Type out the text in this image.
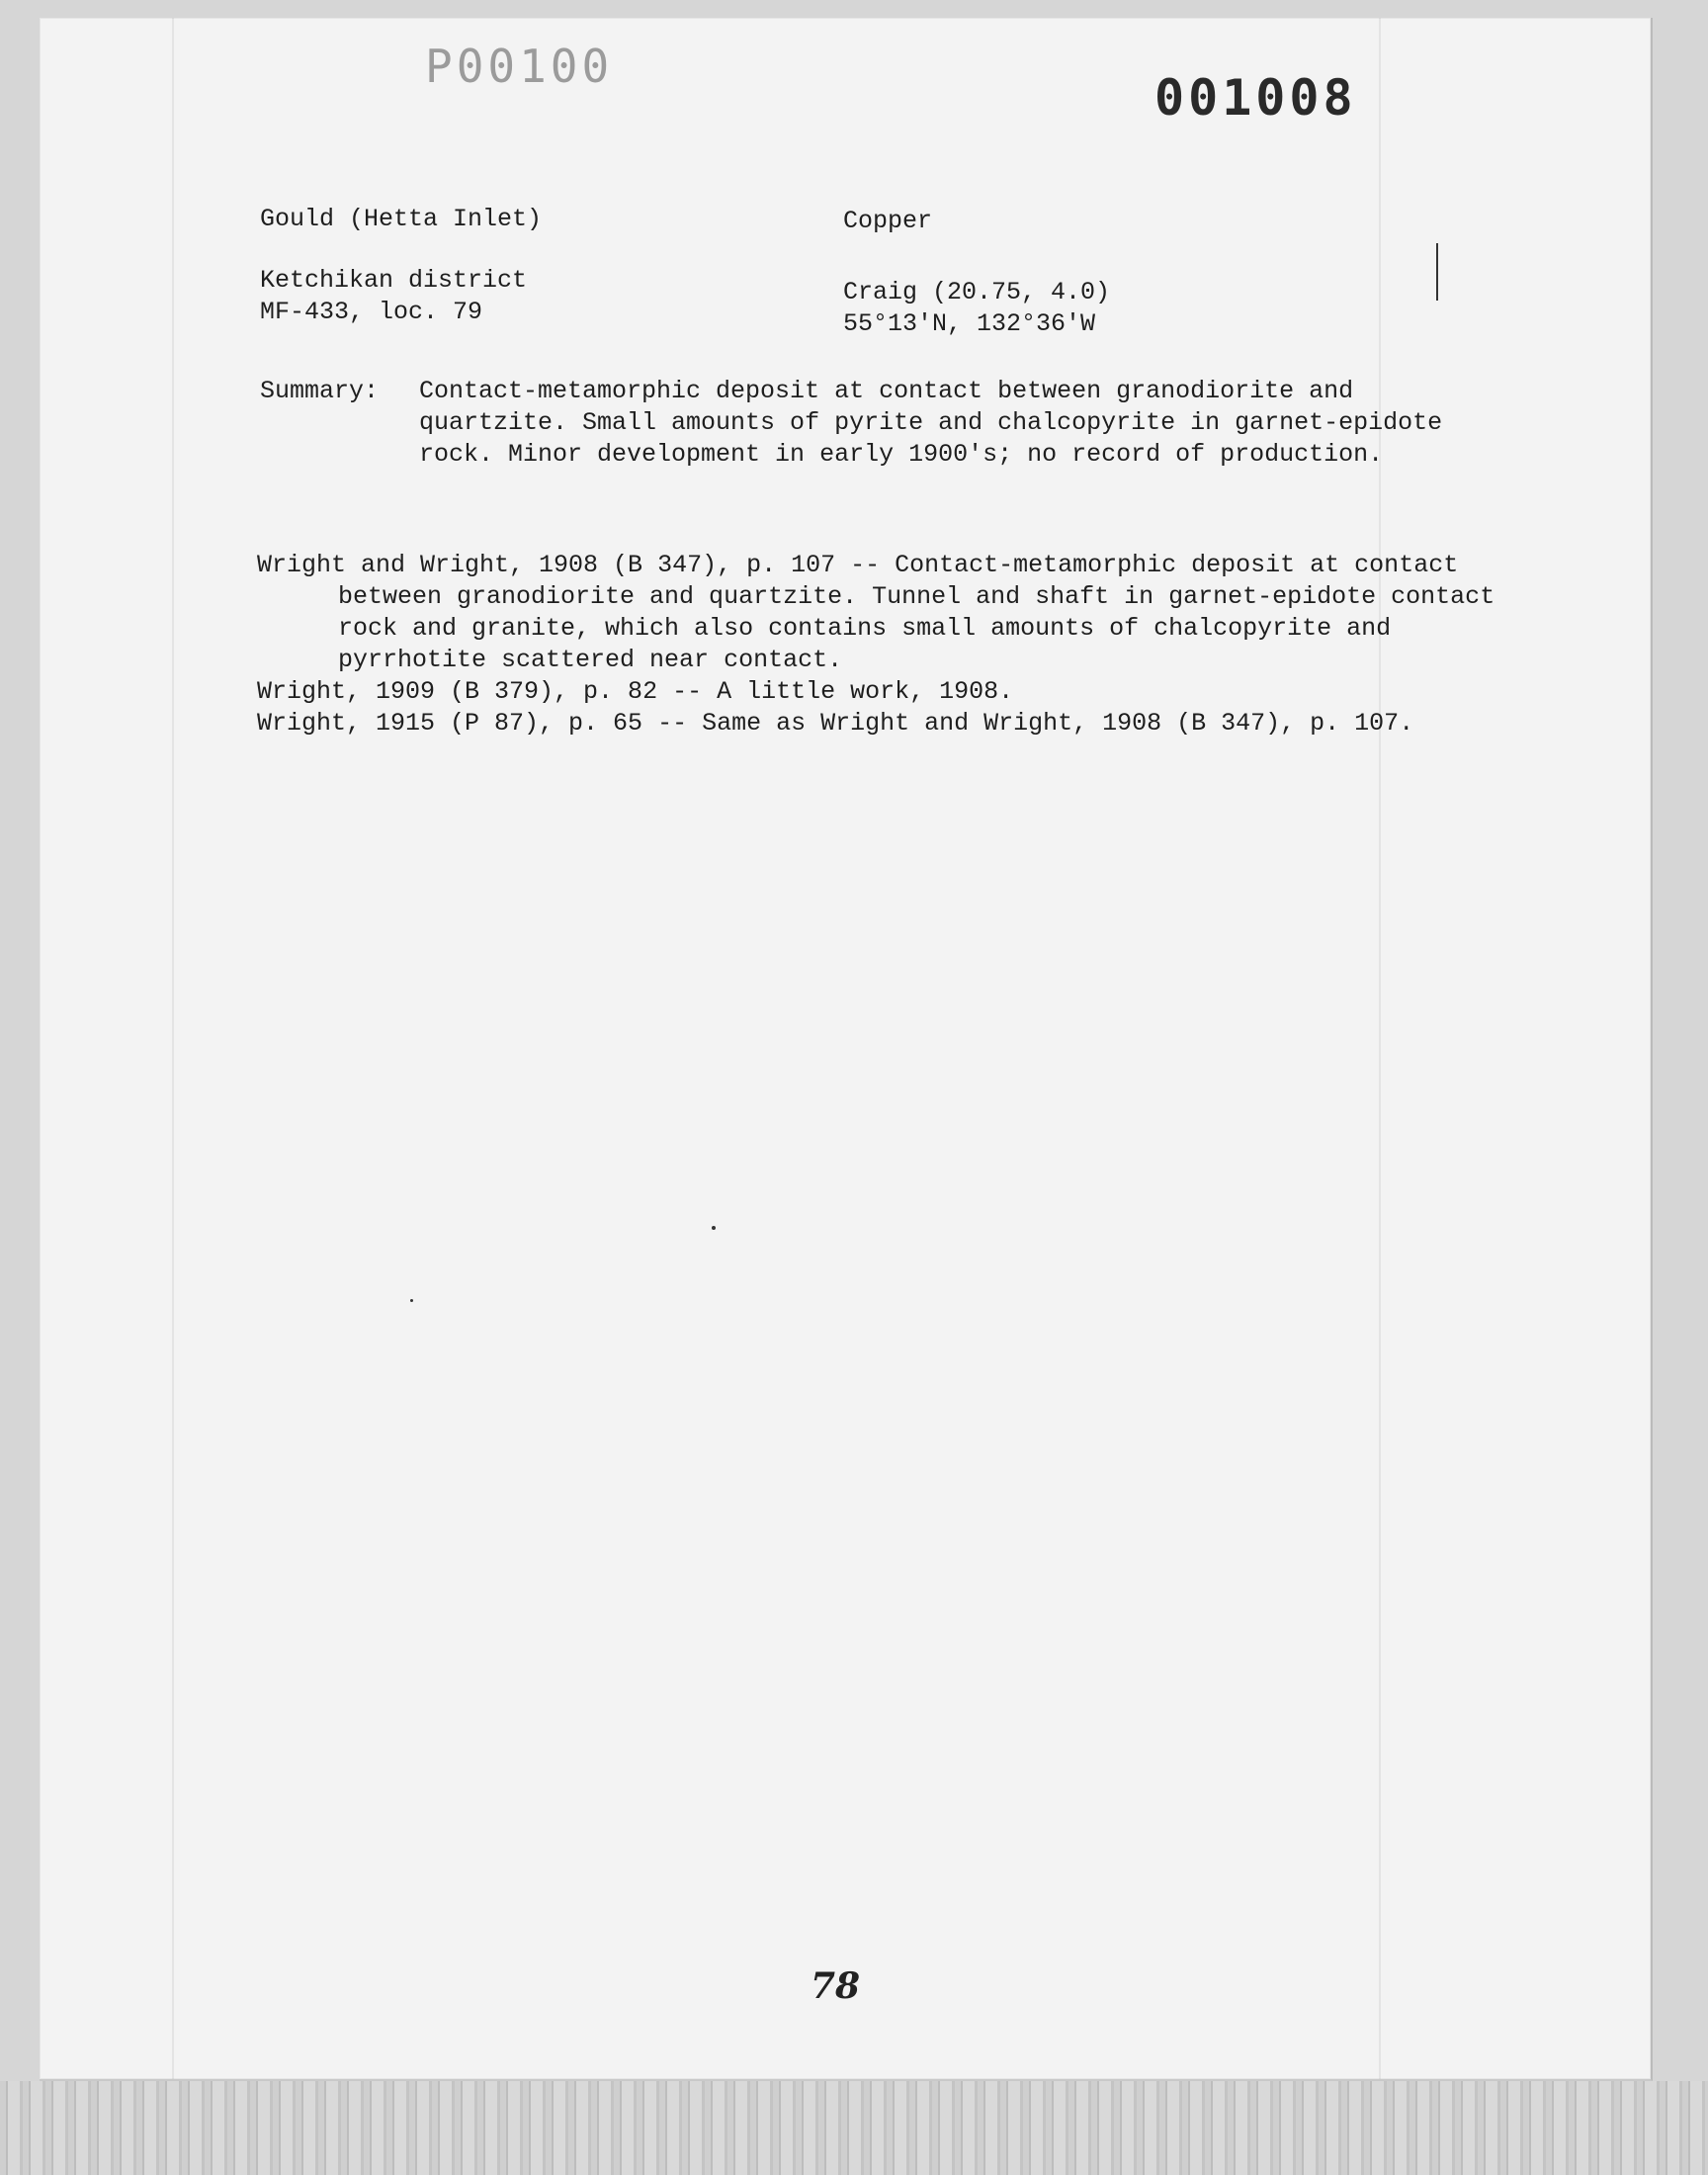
P00100
001008
Gould (Hetta Inlet)	Copper
Ketchikan district
MF-433, loc. 79
Craig (20.75, 4.0)
55°13'N, 132°36'W
Summary: Contact-metamorphic deposit at contact between granodiorite and quartzite. Small amounts of pyrite and chalcopyrite in garnet-epidote rock. Minor development in early 1900's; no record of production.

Wright and Wright, 1908 (B 347), p. 107 -- Contact-metamorphic deposit at contact between granodiorite and quartzite. Tunnel and shaft in garnet-epidote contact rock and granite, which also contains small amounts of chalcopyrite and pyrrhotite scattered near contact.

Wright, 1909 (B 379), p. 82 -- A little work, 1908.

Wright, 1915 (P 87), p. 65 -- Same as Wright and Wright, 1908 (B 347), p. 107.

78
